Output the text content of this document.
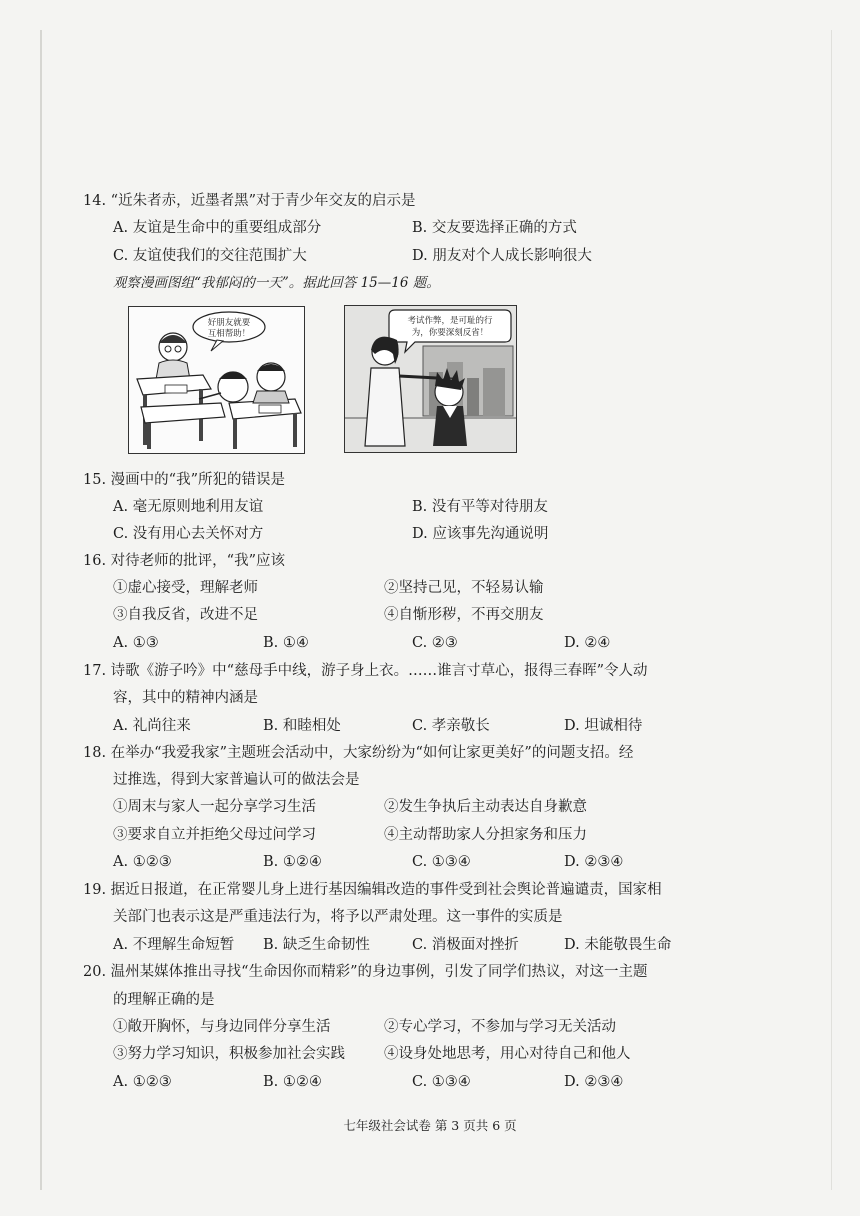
14. “近朱者赤，近墨者黑”对于青少年交友的启示是
A. 友谊是生命中的重要组成部分	B. 交友要选择正确的方式
C. 友谊使我们的交往范围扩大	D. 朋友对个人成长影响很大
观察漫画图组“我郁闷的一天”。据此回答 15—16 题。
好朋友就要
互相帮助！
考试作弊，是可耻的行
为，你要深刻反省！
15. 漫画中的“我”所犯的错误是
A. 毫无原则地利用友谊	B. 没有平等对待朋友
C. 没有用心去关怀对方	D. 应该事先沟通说明
16. 对待老师的批评，“我”应该
①虚心接受，理解老师	②坚持己见，不轻易认输
③自我反省，改进不足	④自惭形秽，不再交朋友
A. ①③	B. ①④	C. ②③	D. ②④
17. 诗歌《游子吟》中“慈母手中线，游子身上衣。……谁言寸草心，报得三春晖”令人动
容，其中的精神内涵是
A. 礼尚往来	B. 和睦相处	C. 孝亲敬长	D. 坦诚相待
18. 在举办“我爱我家”主题班会活动中，大家纷纷为“如何让家更美好”的问题支招。经
过推选，得到大家普遍认可的做法会是
①周末与家人一起分享学习生活	②发生争执后主动表达自身歉意
③要求自立并拒绝父母过问学习	④主动帮助家人分担家务和压力
A. ①②③	B. ①②④	C. ①③④	D. ②③④
19. 据近日报道，在正常婴儿身上进行基因编辑改造的事件受到社会舆论普遍谴责，国家相
关部门也表示这是严重违法行为，将予以严肃处理。这一事件的实质是
A. 不理解生命短暂 B. 缺乏生命韧性	C. 消极面对挫折	D. 未能敬畏生命
20. 温州某媒体推出寻找“生命因你而精彩”的身边事例，引发了同学们热议，对这一主题
的理解正确的是
①敞开胸怀，与身边同伴分享生活	②专心学习，不参加与学习无关活动
③努力学习知识，积极参加社会实践	④设身处地思考，用心对待自己和他人
A. ①②③	B. ①②④	C. ①③④	D. ②③④
七年级社会试卷 第 3 页共 6 页
